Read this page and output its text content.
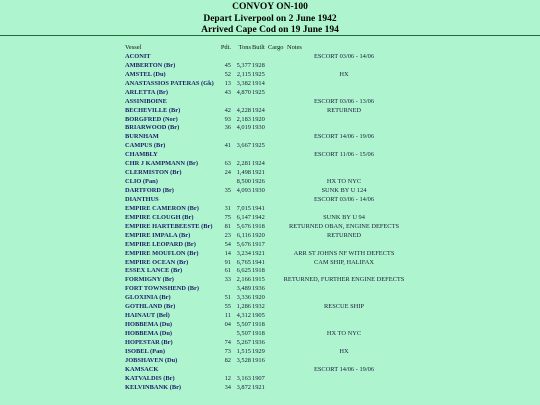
CONVOY ON-100
Depart Liverpool on 2 June 1942
Arrived Cape Cod on 19 June 194
Vessel	Pdt.	Tons Built Cargo Notes
ACONIT	ESCORT 03/06 - 14/06
AMBERTON (Br)	45 5,377 1928
AMSTEL (Du)	52 2,115 1925	HX
ANASTASSIOS PATERAS (Gk)	13 3,382 1914
ARLETTA (Br)	43 4,870 1925
ASSINIBOINE	ESCORT 03/06 - 13/06
BECHEVILLE (Br)	42 4,228 1924	RETURNED
BORGFRED (Nor)	93 2,183 1920
BRIARWOOD (Br)	36 4,019 1930
BURNHAM	ESCORT 14/06 - 19/06
CAMPUS (Br)	41 3,667 1925
CHAMBLY	ESCORT 11/06 - 15/06
CHR J KAMPMANN (Br)	63 2,281 1924
CLERMISTON (Br)	24 1,498 1921
CLIO (Pan)	8,500 1926	HX TO NYC
DARTFORD (Br)	35 4,093 1930	SUNK BY U 124
DIANTHUS	ESCORT 03/06 - 14/06
EMPIRE CAMERON (Br)	31 7,015 1941
EMPIRE CLOUGH (Br)	75 6,147 1942	SUNK BY U 94
EMPIRE HARTEBEESTE (Br)	81 5,676 1918	RETURNED OBAN, ENGINE DEFECTS
EMPIRE IMPALA (Br)	23 6,116 1920	RETURNED
EMPIRE LEOPARD (Br)	54 5,676 1917
EMPIRE MOUFLON (Br)	14 3,234 1921	ARR ST JOHNS NF WITH DEFECTS
EMPIRE OCEAN (Br)	91 6,765 1941	CAM SHIP, HALIFAX
ESSEX LANCE (Br)	61 6,625 1918
FORMIGNY (Br)	33 2,166 1915	RETURNED, FURTHER ENGINE DEFECTS
FORT TOWNSHEND (Br)	3,489 1936
GLOXINIA (Br)	51 3,336 1920
GOTHLAND (Br)	55 1,286 1932	RESCUE SHIP
HAINAUT (Bel)	11 4,312 1905
HOBBEMA (Du)	04 5,507 1918
HOBBEMA (Du)	5,507 1918	HX TO NYC
HOPESTAR (Br)	74 5,267 1936
ISOBEL (Pan)	73 1,515 1929	HX
JOBSHAVEN (Du)	82 3,528 1916
KAMSACK	ESCORT 14/06 - 19/06
KATVALDIS (Br)	12 3,163 1907
KELVINBANK (Br)	34 3,872 1921
